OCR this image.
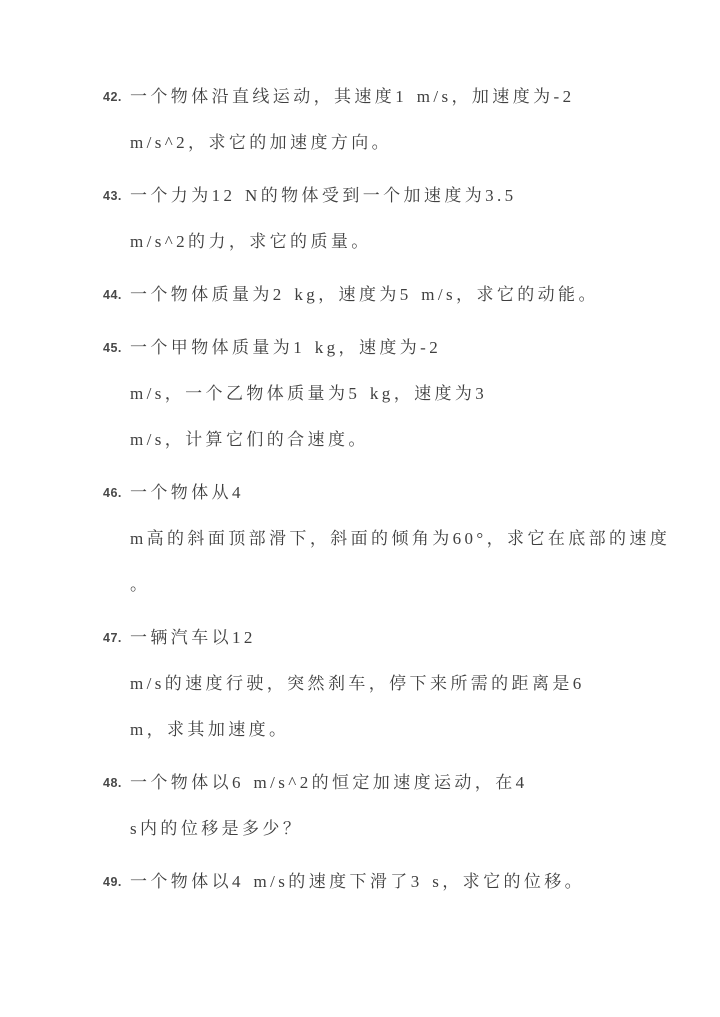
42. 一个物体沿直线运动，其速度1 m/s，加速度为-2
m/s^2，求它的加速度方向。
43. 一个力为12 N的物体受到一个加速度为3.5
m/s^2的力，求它的质量。
44. 一个物体质量为2 kg，速度为5 m/s，求它的动能。
45. 一个甲物体质量为1 kg，速度为-2
m/s，一个乙物体质量为5 kg，速度为3
m/s，计算它们的合速度。
46. 一个物体从4
m高的斜面顶部滑下，斜面的倾角为60°，求它在底部的速度
。
47. 一辆汽车以12
m/s的速度行驶，突然刹车，停下来所需的距离是6
m，求其加速度。
48. 一个物体以6 m/s^2的恒定加速度运动，在4
s内的位移是多少？
49. 一个物体以4 m/s的速度下滑了3 s，求它的位移。
